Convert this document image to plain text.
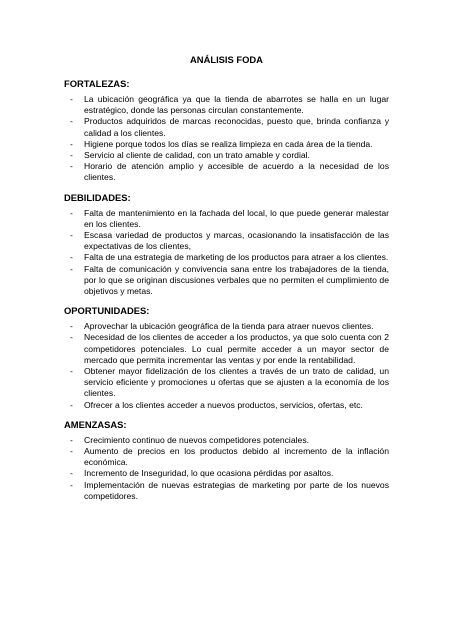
ANÁLISIS FODA
FORTALEZAS:
- La ubicación geográfica ya que la tienda de abarrotes se halla en un lugar estratégico, donde las personas circulan constantemente.
- Productos adquiridos de marcas reconocidas, puesto que, brinda confianza y calidad a los clientes.
- Higiene porque todos los días se realiza limpieza en cada área de la tienda.
- Servicio al cliente de calidad, con un trato amable y cordial.
- Horario de atención amplio y accesible de acuerdo a la necesidad de los clientes.
DEBILIDADES:
- Falta de mantenimiento en la fachada del local, lo que puede generar malestar en los clientes.
- Escasa variedad de productos y marcas, ocasionando la insatisfacción de las expectativas de los clientes,
- Falta de una estrategia de marketing de los productos para atraer a los clientes.
- Falta de comunicación y convivencia sana entre los trabajadores de la tienda, por lo que se originan discusiones verbales que no permiten el cumplimiento de objetivos y metas.
OPORTUNIDADES:
- Aprovechar la ubicación geográfica de la tienda para atraer nuevos clientes.
- Necesidad de los clientes de acceder a los productos, ya que solo cuenta con 2 competidores potenciales. Lo cual permite acceder a un mayor sector de mercado que permita incrementar las ventas y por ende la rentabilidad.
- Obtener mayor fidelización de los clientes a través de un trato de calidad, un servicio eficiente y promociones u ofertas que se ajusten a la economía de los clientes.
- Ofrecer a los clientes acceder a nuevos productos, servicios, ofertas, etc.
AMENZASAS:
- Crecimiento continuo de nuevos competidores potenciales.
- Aumento de precios en los productos debido al incremento de la inflación económica.
- Incremento de Inseguridad, lo que ocasiona pérdidas por asaltos.
- Implementación de nuevas estrategias de marketing por parte de los nuevos competidores.
